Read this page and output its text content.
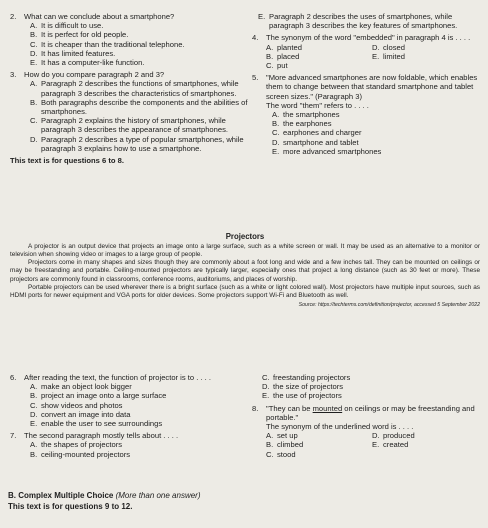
2.	What can we conclude about a smartphone?
A. It is difficult to use.
B. It is perfect for old people.
C. It is cheaper than the traditional telephone.
D. It has limited features.
E. It has a computer-like function.
3.	How do you compare paragraph 2 and 3?
A. Paragraph 2 describes the functions of smartphones, while paragraph 3 describes the characteristics of smartphones.
B. Both paragraphs describe the components and the abilities of smartphones.
C. Paragraph 2 explains the history of smartphones, while paragraph 3 describes the appearance of smartphones.
D. Paragraph 2 describes a type of popular smartphones, while paragraph 3 explains how to use a smartphone.
This text is for questions 6 to 8.
E. Paragraph 2 describes the uses of smartphones, while paragraph 3 describes the key features of smartphones.
4.	The synonym of the word "embedded" in paragraph 4 is . . . .
A. planted	D. closed
B. placed	E. limited
C. put
5.	"More advanced smartphones are now foldable, which enables them to change between that standard smartphone and tablet screen sizes." (Paragraph 3)
The word "them" refers to . . . .
A. the smartphones
B. the earphones
C. earphones and charger
D. smartphone and tablet
E. more advanced smartphones
Projectors

A projector is an output device that projects an image onto a large surface, such as a white screen or wall. It may be used as an alternative to a monitor or television when showing video or images to a large group of people.

Projectors come in many shapes and sizes though they are commonly about a foot long and wide and a few inches tall. They can be mounted on ceilings or may be freestanding and portable. Ceiling-mounted projectors are typically larger, especially ones that project a long distance (such as 30 feet or more). These projectors are commonly found in classrooms, conference rooms, auditoriums, and places of worship.

Portable projectors can be used wherever there is a bright surface (such as a white or light colored wall). Most projectors have multiple input sources, such as HDMI ports for newer equipment and VGA ports for older devices. Some projectors support Wi-Fi and Bluetooth as well.

Source: https://techterms.com/definition/projector, accessed 5 September 2022
6.	After reading the text, the function of projector is to . . . .
A. make an object look bigger
B. project an image onto a large surface
C. show videos and photos
D. convert an image into data
E. enable the user to see surroundings
7.	The second paragraph mostly tells about . . . .
A. the shapes of projectors
B. ceiling-mounted projectors
C. freestanding projectors
D. the size of projectors
E. the use of projectors
8.	"They can be mounted on ceilings or may be freestanding and portable."
The synonym of the underlined word is . . . .
A. set up	D. produced
B. climbed	E. created
C. stood
B. Complex Multiple Choice (More than one answer)
This text is for questions 9 to 12.
